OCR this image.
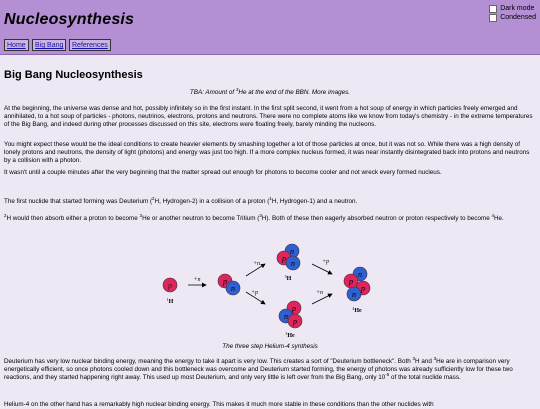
Nucleosynthesis
Dark mode
Condensed
Home	Big Bang	References
Big Bang Nucleosynthesis
TBA: Amount of $^3$He at the end of the BBN. More images.
At the beginning, the universe was dense and hot, possibly infinitely so in the first instant. In the first split second, it went from a hot soup of energy in which particles freely emerged and annihilated, to a hot soup of particles - photons, neutrinos, electrons, protons and neutrons. There were no complete atoms like we know from today's chemistry - in the extreme temperatures of the Big Bang, and indeed during other processes discussed on this site, electrons were floating freely, barely minding the nucleons.
You might expect these would be the ideal conditions to create heavier elements by smashing together a lot of those particles at once, but it was not so. While there was a high density of lonely protons and neutrons, the density of light (photons) and energy was just too high. If a more complex nucleus formed, it was near instantly disintegrated back into protons and neutrons by a collision with a photon.
It wasn't until a couple minutes after the very beginning that the matter spread out enough for photons to become cooler and not wreck every formed nucleus.
The first nuclide that started forming was Deuterium ($^2$H, Hydrogen-2) in a collision of a proton ($^1$H, Hydrogen-1) and a neutron.
$^2$H would then absorb either a proton to become $^3$He or another neutron to become Tritium ($^3$H). Both of these then eagerly absorbed neutron or proton respectively to become $^4$He.
p
$^1$H
+n	p
n
+n
+p
n
p
n
$^3$H
p
n
p
$^3$He
+p
+n
n
p
p
n
$^4$He
The three step Helium-4 synthesis
Deuterium has very low nuclear binding energy, meaning the energy to take it apart is very low. This creates a sort of "Deuterium bottleneck". Both $^3$H and $^3$He are in comparison very energetically efficient, so once photons cooled down and this bottleneck was overcome and Deuterium started forming, the energy of photons was already sufficiently low for these two reactions, and they started happening right away. This used up most Deuterium, and only very little is left over from the Big Bang, only $10^{-5}$ of the total nuclide mass.
Helium-4 on the other hand has a remarkably high nuclear binding energy. This makes it much more stable in these conditions than the other nuclides with
